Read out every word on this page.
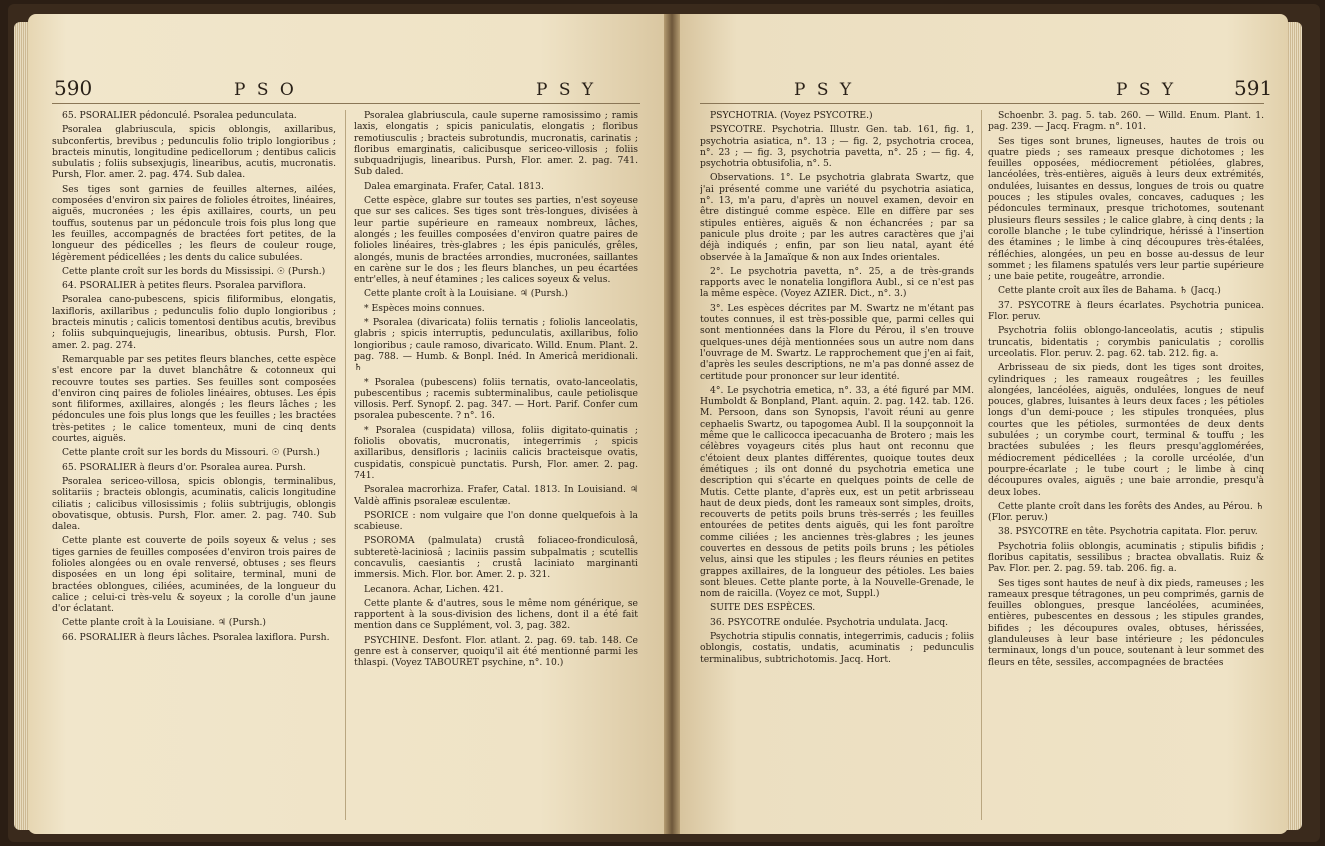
590	P S O	P S Y

65. PSORALIER pédonculé. Psoralea pedunculata.

Psoralea glabriuscula, spicis oblongis, axillaribus, subconfertis, brevibus ; pedunculis folio triplo longioribus ; bracteis minutis, longitudine pedicellorum ; dentibus calicis subulatis ; foliis subsexjugis, linearibus, acutis, mucronatis. Pursh, Flor. amer. 2. pag. 474. Sub dalea.

Ses tiges sont garnies de feuilles alternes, ailées, composées d'environ six paires de folioles étroites, linéaires, aiguës, mucronées ; les épis axillaires, courts, un peu touffus, soutenus par un pédoncule trois fois plus long que les feuilles, accompagnés de bractées fort petites, de la longueur des pédicelles ; les fleurs de couleur rouge, légèrement pédicellées ; les dents du calice subulées.

Cette plante croît sur les bords du Mississipi. ☉ (Pursh.)

64. PSORALIER à petites fleurs. Psoralea parviflora.

Psoralea cano-pubescens, spicis filiformibus, elongatis, laxifloris, axillaribus ; pedunculis folio duplo longioribus ; bracteis minutis ; calicis tomentosi dentibus acutis, brevibus ; foliis subquinquejugis, linearibus, obtusis. Pursh, Flor. amer. 2. pag. 274.

Remarquable par ses petites fleurs blanches, cette espèce s'est encore par la duvet blanchâtre & cotonneux qui recouvre toutes ses parties. Ses feuilles sont composées d'environ cinq paires de folioles linéaires, obtuses. Les épis sont filiformes, axillaires, alongés ; les fleurs lâches ; les pédoncules une fois plus longs que les feuilles ; les bractées très-petites ; le calice tomenteux, muni de cinq dents courtes, aiguës.

Cette plante croît sur les bords du Missouri. ☉ (Pursh.)

65. PSORALIER à fleurs d'or. Psoralea aurea. Pursh.

Psoralea sericeo-villosa, spicis oblongis, terminalibus, solitariis ; bracteis oblongis, acuminatis, calicis longitudine ciliatis ; calicibus villosissimis ; foliis subtrijugis, oblongis obovatisque, obtusis. Pursh, Flor. amer. 2. pag. 740. Sub dalea.

Cette plante est couverte de poils soyeux & velus ; ses tiges garnies de feuilles composées d'environ trois paires de folioles alongées ou en ovale renversé, obtuses ; ses fleurs disposées en un long épi solitaire, terminal, muni de bractées oblongues, ciliées, acuminées, de la longueur du calice ; celui-ci très-velu & soyeux ; la corolle d'un jaune d'or éclatant.

Cette plante croît à la Louisiane. ♃ (Pursh.)

66. PSORALIER à fleurs lâches. Psoralea laxiflora. Pursh.

Psoralea glabriuscula, caule superne ramosissimo ; ramis laxis, elongatis ; spicis paniculatis, elongatis ; floribus remotiusculis ; bracteis subrotundis, mucronatis, carinatis ; floribus emarginatis, calicibusque sericeo-villosis ; foliis subquadrijugis, linearibus. Pursh, Flor. amer. 2. pag. 741. Sub daled.

Dalea emarginata. Frafer, Catal. 1813.

Cette espèce, glabre sur toutes ses parties, n'est soyeuse que sur ses calices. Ses tiges sont très-longues, divisées à leur partie supérieure en rameaux nombreux, lâches, alongés ; les feuilles composées d'environ quatre paires de folioles linéaires, très-glabres ; les épis paniculés, grêles, alongés, munis de bractées arrondies, mucronées, saillantes en carène sur le dos ; les fleurs blanches, un peu écartées entr'elles, à neuf étamines ; les calices soyeux & velus.

Cette plante croît à la Louisiane. ♃ (Pursh.)

* Espèces moins connues.

* Psoralea (divaricata) foliis ternatis ; foliolis lanceolatis, glabris ; spicis interruptis, pedunculatis, axillaribus, folio longioribus ; caule ramoso, divaricato. Willd. Enum. Plant. 2. pag. 788. — Humb. & Bonpl. Inéd. In Americâ meridionali. ♄

* Psoralea (pubescens) foliis ternatis, ovato-lanceolatis, pubescentibus ; racemis subterminalibus, caule petiolisque villosis. Perf. Synopf. 2. pag. 347. — Hort. Parif. Confer cum psoralea pubescente. ? n°. 16.

* Psoralea (cuspidata) villosa, foliis digitato-quinatis ; foliolis obovatis, mucronatis, integerrimis ; spicis axillaribus, densifloris ; laciniis calicis bracteisque ovatis, cuspidatis, conspicuè punctatis. Pursh, Flor. amer. 2. pag. 741.

Psoralea macrorhiza. Frafer, Catal. 1813. In Louisiand. ♃ Valdè affinis psoraleæ esculentæ.

PSORICE : nom vulgaire que l'on donne quelquefois à la scabieuse.

PSOROMA (palmulata) crustâ foliaceo-frondiculosâ, subteretè-laciniosâ ; laciniis passim subpalmatis ; scutellis concavulis, caesiantis ; crustâ laciniato marginanti immersis. Mich. Flor. bor. Amer. 2. p. 321.

Lecanora. Achar, Lichen. 421.

Cette plante & d'autres, sous le même nom générique, se rapportent à la sous-division des lichens, dont il a été fait mention dans ce Supplément, vol. 3, pag. 382.

PSYCHINE. Desfont. Flor. atlant. 2. pag. 69. tab. 148. Ce genre est à conserver, quoiqu'il ait été mentionné parmi les thlaspi. (Voyez TABOURET psychine, n°. 10.)

P S Y	P S Y	591

PSYCHOTRIA. (Voyez PSYCOTRE.)

PSYCOTRE. Psychotria. Illustr. Gen. tab. 161, fig. 1, psychotria asiatica, n°. 13 ; — fig. 2, psychotria crocea, n°. 23 ; — fig. 3, psychotria pavetta, n°. 25 ; — fig. 4, psychotria obtusifolia, n°. 5.

Observations. 1°. Le psychotria glabrata Swartz, que j'ai présenté comme une variété du psychotria asiatica, n°. 13, m'a paru, d'après un nouvel examen, devoir en être distingué comme espèce. Elle en diffère par ses stipules entières, aiguës & non échancrées ; par sa panicule plus droite ; par les autres caractères que j'ai déjà indiqués ; enfin, par son lieu natal, ayant été observée à la Jamaïque & non aux Indes orientales.

2°. Le psychotria pavetta, n°. 25, a de très-grands rapports avec le nonatelia longiflora Aubl., si ce n'est pas la même espèce. (Voyez AZIER. Dict., n°. 3.)

3°. Les espèces décrites par M. Swartz ne m'étant pas toutes connues, il est très-possible que, parmi celles qui sont mentionnées dans la Flore du Pérou, il s'en trouve quelques-unes déjà mentionnées sous un autre nom dans l'ouvrage de M. Swartz. Le rapprochement que j'en ai fait, d'après les seules descriptions, ne m'a pas donné assez de certitude pour prononcer sur leur identité.

4°. Le psychotria emetica, n°. 33, a été figuré par MM. Humboldt & Bonpland, Plant. aquin. 2. pag. 142. tab. 126. M. Persoon, dans son Synopsis, l'avoit réuni au genre cephaelis Swartz, ou tapogomea Aubl. Il la soupçonnoit la même que le callicocca ipecacuanha de Brotero ; mais les célèbres voyageurs cités plus haut ont reconnu que c'étoient deux plantes différentes, quoique toutes deux émétiques ; ils ont donné du psychotria emetica une description qui s'écarte en quelques points de celle de Mutis. Cette plante, d'après eux, est un petit arbrisseau haut de deux pieds, dont les rameaux sont simples, droits, recouverts de petits poils bruns très-serrés ; les feuilles entourées de petites dents aiguës, qui les font paroître comme ciliées ; les anciennes très-glabres ; les jeunes couvertes en dessous de petits poils bruns ; les pétioles velus, ainsi que les stipules ; les fleurs réunies en petites grappes axillaires, de la longueur des pétioles. Les baies sont bleues. Cette plante porte, à la Nouvelle-Grenade, le nom de raicilla. (Voyez ce mot, Suppl.)

SUITE DES ESPÈCES.

36. PSYCOTRE ondulée. Psychotria undulata. Jacq.

Psychotria stipulis connatis, integerrimis, caducis ; foliis oblongis, costatis, undatis, acuminatis ; pedunculis terminalibus, subtrichotomis. Jacq. Hort.

Schoenbr. 3. pag. 5. tab. 260. — Willd. Enum. Plant. 1. pag. 239. — Jacq. Fragm. n°. 101.

Ses tiges sont brunes, ligneuses, hautes de trois ou quatre pieds ; ses rameaux presque dichotomes ; les feuilles opposées, médiocrement pétiolées, glabres, lancéolées, très-entières, aiguës à leurs deux extrémités, ondulées, luisantes en dessus, longues de trois ou quatre pouces ; les stipules ovales, concaves, caduques ; les pédoncules terminaux, presque trichotomes, soutenant plusieurs fleurs sessiles ; le calice glabre, à cinq dents ; la corolle blanche ; le tube cylindrique, hérissé à l'insertion des étamines ; le limbe à cinq découpures très-étalées, réfléchies, alongées, un peu en bosse au-dessus de leur sommet ; les filamens spatulés vers leur partie supérieure ; une baie petite, rougeâtre, arrondie.

Cette plante croît aux îles de Bahama. ♄ (Jacq.)

37. PSYCOTRE à fleurs écarlates. Psychotria punicea. Flor. peruv.

Psychotria foliis oblongo-lanceolatis, acutis ; stipulis truncatis, bidentatis ; corymbis paniculatis ; corollis urceolatis. Flor. peruv. 2. pag. 62. tab. 212. fig. a.

Arbrisseau de six pieds, dont les tiges sont droites, cylindriques ; les rameaux rougeâtres ; les feuilles alongées, lancéolées, aiguës, ondulées, longues de neuf pouces, glabres, luisantes à leurs deux faces ; les pétioles longs d'un demi-pouce ; les stipules tronquées, plus courtes que les pétioles, surmontées de deux dents subulées ; un corymbe court, terminal & touffu ; les bractées subulées ; les fleurs presqu'agglomérées, médiocrement pédicellées ; la corolle urcéolée, d'un pourpre-écarlate ; le tube court ; le limbe à cinq découpures ovales, aiguës ; une baie arrondie, presqu'à deux lobes.

Cette plante croît dans les forêts des Andes, au Pérou. ♄ (Flor. peruv.)

38. PSYCOTRE en tête. Psychotria capitata. Flor. peruv.

Psychotria foliis oblongis, acuminatis ; stipulis bifidis ; floribus capitatis, sessilibus ; bractea obvallatis. Ruiz & Pav. Flor. per. 2. pag. 59. tab. 206. fig. a.

Ses tiges sont hautes de neuf à dix pieds, rameuses ; les rameaux presque tétragones, un peu comprimés, garnis de feuilles oblongues, presque lancéolées, acuminées, entières, pubescentes en dessous ; les stipules grandes, bifides ; les découpures ovales, obtuses, hérissées, glanduleuses à leur base intérieure ; les pédoncules terminaux, longs d'un pouce, soutenant à leur sommet des fleurs en tête, sessiles, accompagnées de bractées
